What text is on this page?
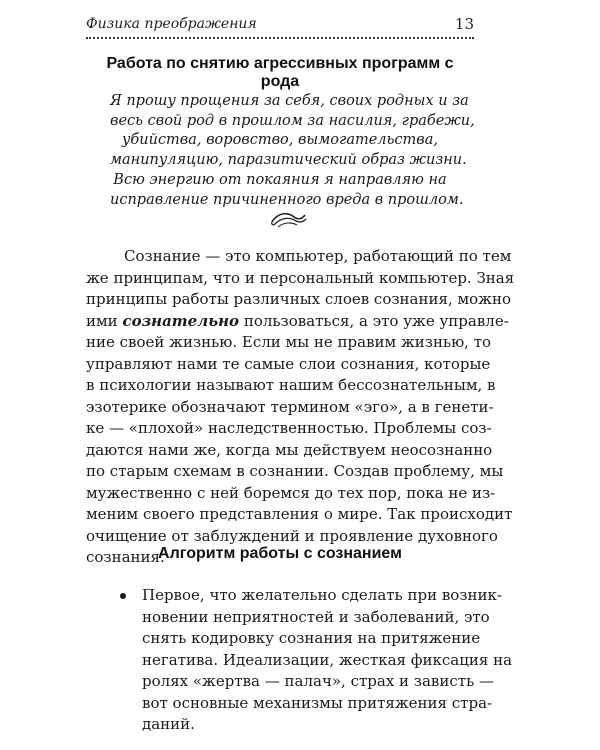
Физика преображения	13
Работа по снятию агрессивных программ с рода
Я прошу прощения за себя, своих родных и за
весь свой род в прошлом за насилия, грабежи,
убийства, воровство, вымогательства,
манипуляцию, паразитический образ жизни.
Всю энергию от покаяния я направляю на
исправление причиненного вреда в прошлом.
Сознание — это компьютер, работающий по тем
же принципам, что и персональный компьютер. Зная
принципы работы различных слоев сознания, можно
ими сознательно пользоваться, а это уже управле-
ние своей жизнью. Если мы не правим жизнью, то
управляют нами те самые слои сознания, которые
в психологии называют нашим бессознательным, в
эзотерике обозначают термином «эго», а в генети-
ке — «плохой» наследственностью. Проблемы соз-
даются нами же, когда мы действуем неосознанно
по старым схемам в сознании. Создав проблему, мы
мужественно с ней боремся до тех пор, пока не из-
меним своего представления о мире. Так происходит
очищение от заблуждений и проявление духовного
сознания.
Алгоритм работы с сознанием
Первое, что желательно сделать при возник-
новении неприятностей и заболеваний, это
снять кодировку сознания на притяжение
негатива. Идеализации, жесткая фиксация на
ролях «жертва — палач», страх и зависть —
вот основные механизмы притяжения стра-
даний.
